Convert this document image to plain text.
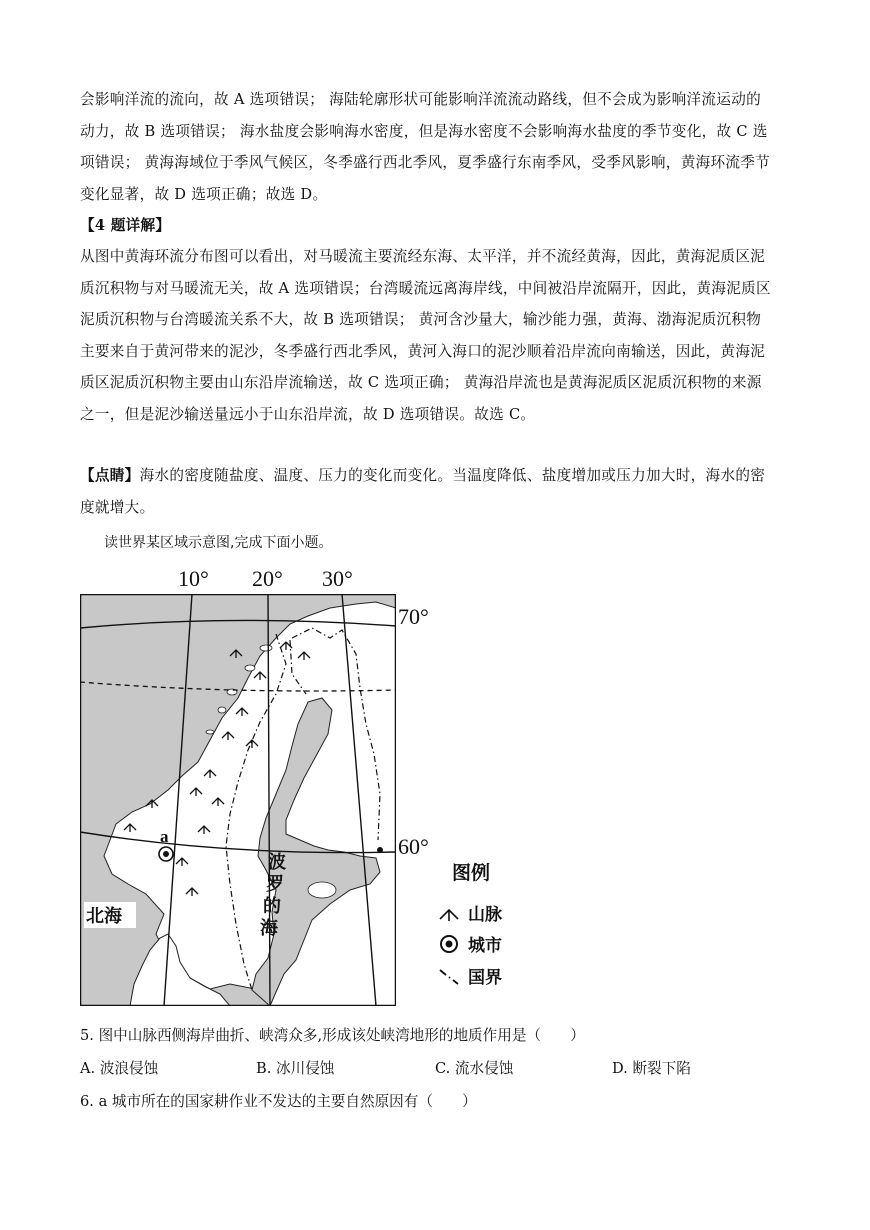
会影响洋流的流向，故 A 选项错误； 海陆轮廓形状可能影响洋流流动路线，但不会成为影响洋流运动的
动力，故 B 选项错误； 海水盐度会影响海水密度，但是海水密度不会影响海水盐度的季节变化，故 C 选
项错误； 黄海海域位于季风气候区，冬季盛行西北季风，夏季盛行东南季风，受季风影响，黄海环流季节
变化显著，故 D 选项正确；故选 D。
【4 题详解】
从图中黄海环流分布图可以看出，对马暖流主要流经东海、太平洋，并不流经黄海，因此，黄海泥质区泥
质沉积物与对马暖流无关，故 A 选项错误；台湾暖流远离海岸线，中间被沿岸流隔开，因此，黄海泥质区
泥质沉积物与台湾暖流关系不大，故 B 选项错误； 黄河含沙量大，输沙能力强，黄海、渤海泥质沉积物
主要来自于黄河带来的泥沙，冬季盛行西北季风，黄河入海口的泥沙顺着沿岸流向南输送，因此，黄海泥
质区泥质沉积物主要由山东沿岸流输送，故 C 选项正确； 黄海沿岸流也是黄海泥质区泥质沉积物的来源
之一，但是泥沙输送量远小于山东沿岸流，故 D 选项错误。故选 C。
【点睛】海水的密度随盐度、温度、压力的变化而变化。当温度降低、盐度增加或压力加大时，海水的密
度就增大。
读世界某区域示意图,完成下面小题。
10° 20° 30°
70°
60°
a
北海
波
罗
的
海
图例
山脉
城市
国界
5. 图中山脉西侧海岸曲折、峡湾众多,形成该处峡湾地形的地质作用是（　　）
A. 波浪侵蚀	B. 冰川侵蚀	C. 流水侵蚀	D. 断裂下陷
6. a 城市所在的国家耕作业不发达的主要自然原因有（　　）
